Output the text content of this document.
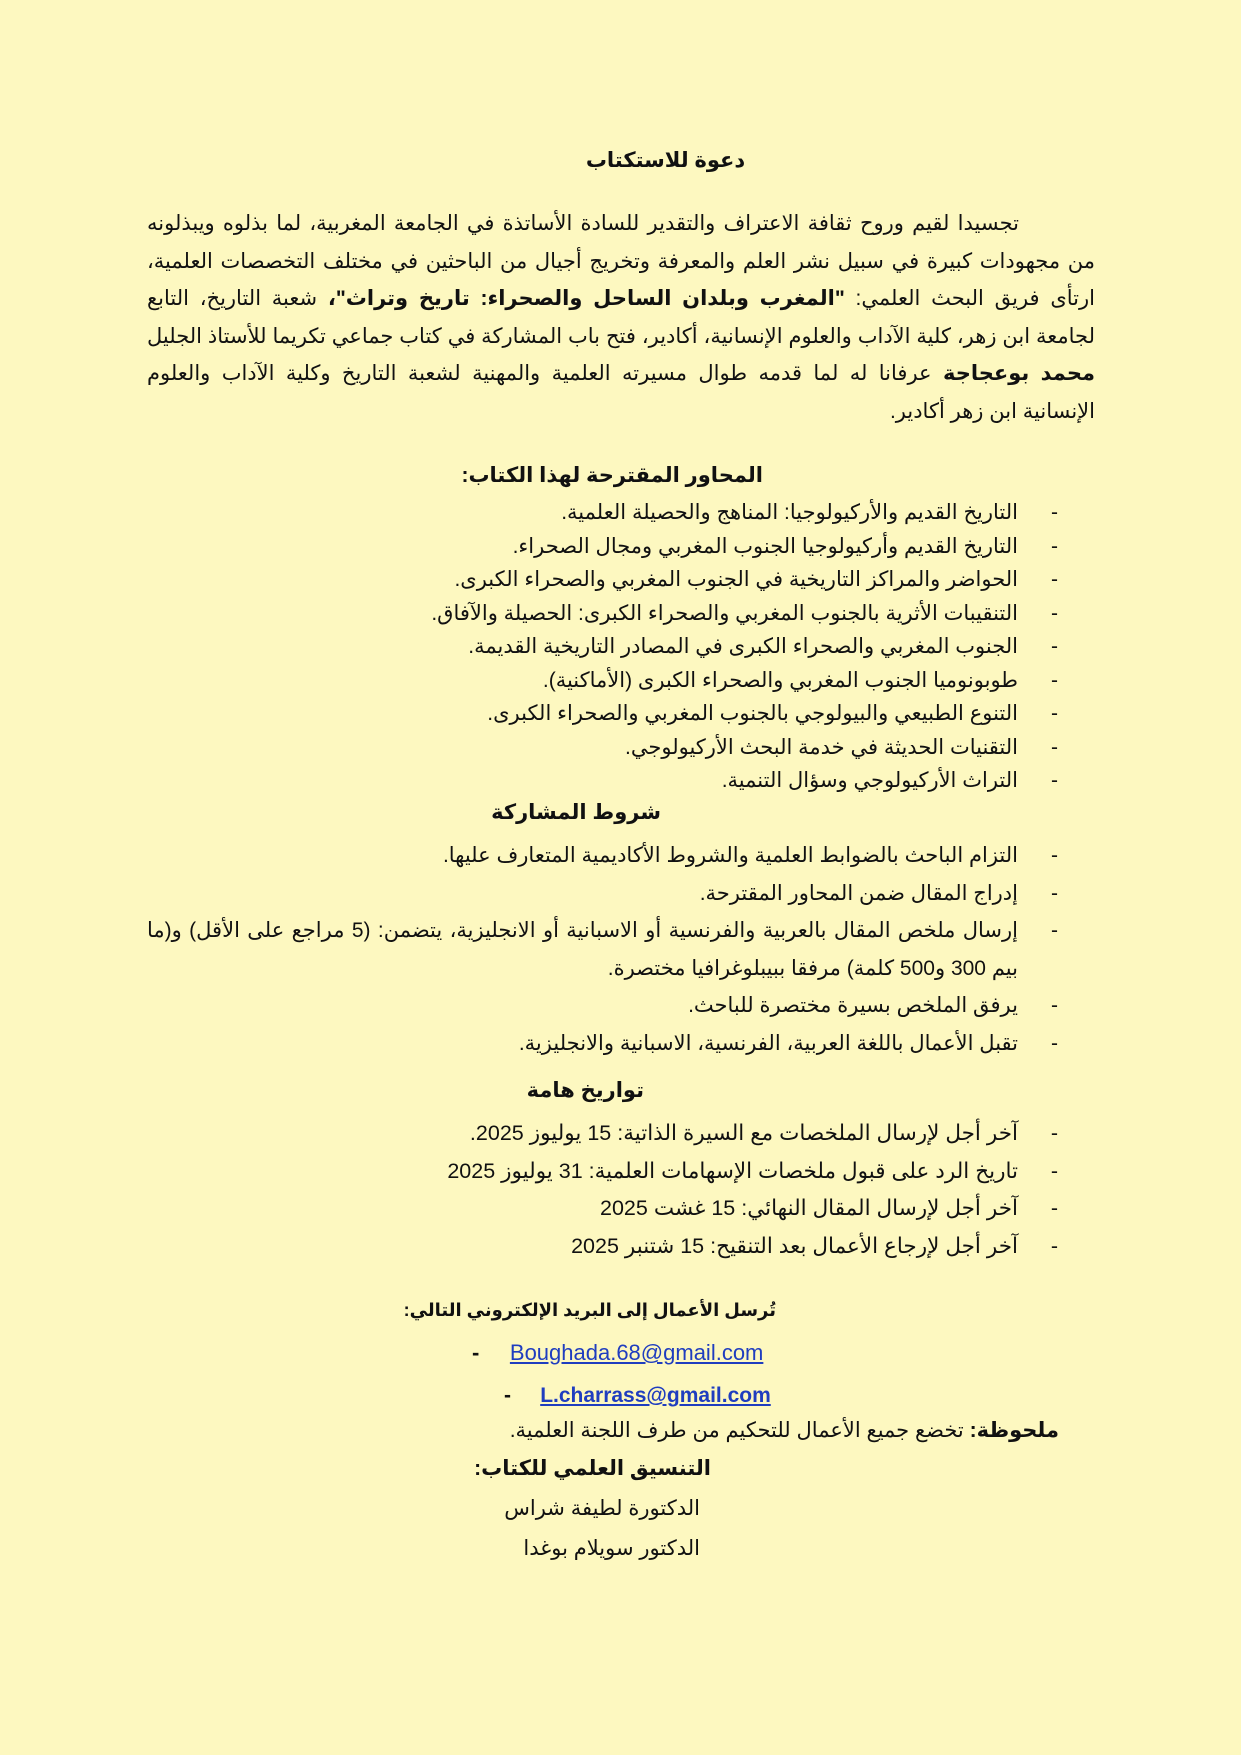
دعوة للاستكتاب

تجسيدا لقيم وروح ثقافة الاعتراف والتقدير للسادة الأساتذة في الجامعة المغربية، لما بذلوه ويبذلونه من مجهودات كبيرة في سبيل نشر العلم والمعرفة وتخريج أجيال من الباحثين في مختلف التخصصات العلمية، ارتأى فريق البحث العلمي: "المغرب وبلدان الساحل والصحراء: تاريخ وتراث"، شعبة التاريخ، التابع لجامعة ابن زهر، كلية الآداب والعلوم الإنسانية، أكادير، فتح باب المشاركة في كتاب جماعي تكريما للأستاذ الجليل محمد بوعجاجة عرفانا له لما قدمه طوال مسيرته العلمية والمهنية لشعبة التاريخ وكلية الآداب والعلوم الإنسانية ابن زهر أكادير.

المحاور المقترحة لهذا الكتاب:
-
التاريخ القديم والأركيولوجيا: المناهج والحصيلة العلمية.
-
التاريخ القديم وأركيولوجيا الجنوب المغربي ومجال الصحراء.
-
الحواضر والمراكز التاريخية في الجنوب المغربي والصحراء الكبرى.
-
التنقيبات الأثرية بالجنوب المغربي والصحراء الكبرى: الحصيلة والآفاق.
-
الجنوب المغربي والصحراء الكبرى في المصادر التاريخية القديمة.
-
طوبونوميا الجنوب المغربي والصحراء الكبرى (الأماكنية).
-
التنوع الطبيعي والبيولوجي بالجنوب المغربي والصحراء الكبرى.
-
التقنيات الحديثة في خدمة البحث الأركيولوجي.
-
التراث الأركيولوجي وسؤال التنمية.
شروط المشاركة
-
التزام الباحث بالضوابط العلمية والشروط الأكاديمية المتعارف عليها.
-
إدراج المقال ضمن المحاور المقترحة.
-
إرسال ملخص المقال بالعربية والفرنسية أو الاسبانية أو الانجليزية، يتضمن: (5 مراجع على الأقل) و(ما بيم 300 و500 كلمة) مرفقا ببيبلوغرافيا مختصرة.
-
يرفق الملخص بسيرة مختصرة للباحث.
-
تقبل الأعمال باللغة العربية، الفرنسية، الاسبانية والانجليزية.
تواريخ هامة
-
آخر أجل لإرسال الملخصات مع السيرة الذاتية: 15 يوليوز 2025.
-
تاريخ الرد على قبول ملخصات الإسهامات العلمية: 31 يوليوز 2025
-
آخر أجل لإرسال المقال النهائي: 15 غشت 2025
-
آخر أجل لإرجاع الأعمال بعد التنقيح: 15 شتنبر 2025
تُرسل الأعمال إلى البريد الإلكتروني التالي:
- Boughada.68@gmail.com
- L.charrass@gmail.com
ملحوظة: تخضع جميع الأعمال للتحكيم من طرف اللجنة العلمية.
التنسيق العلمي للكتاب:
الدكتورة لطيفة شراس
الدكتور سويلام بوغدا
